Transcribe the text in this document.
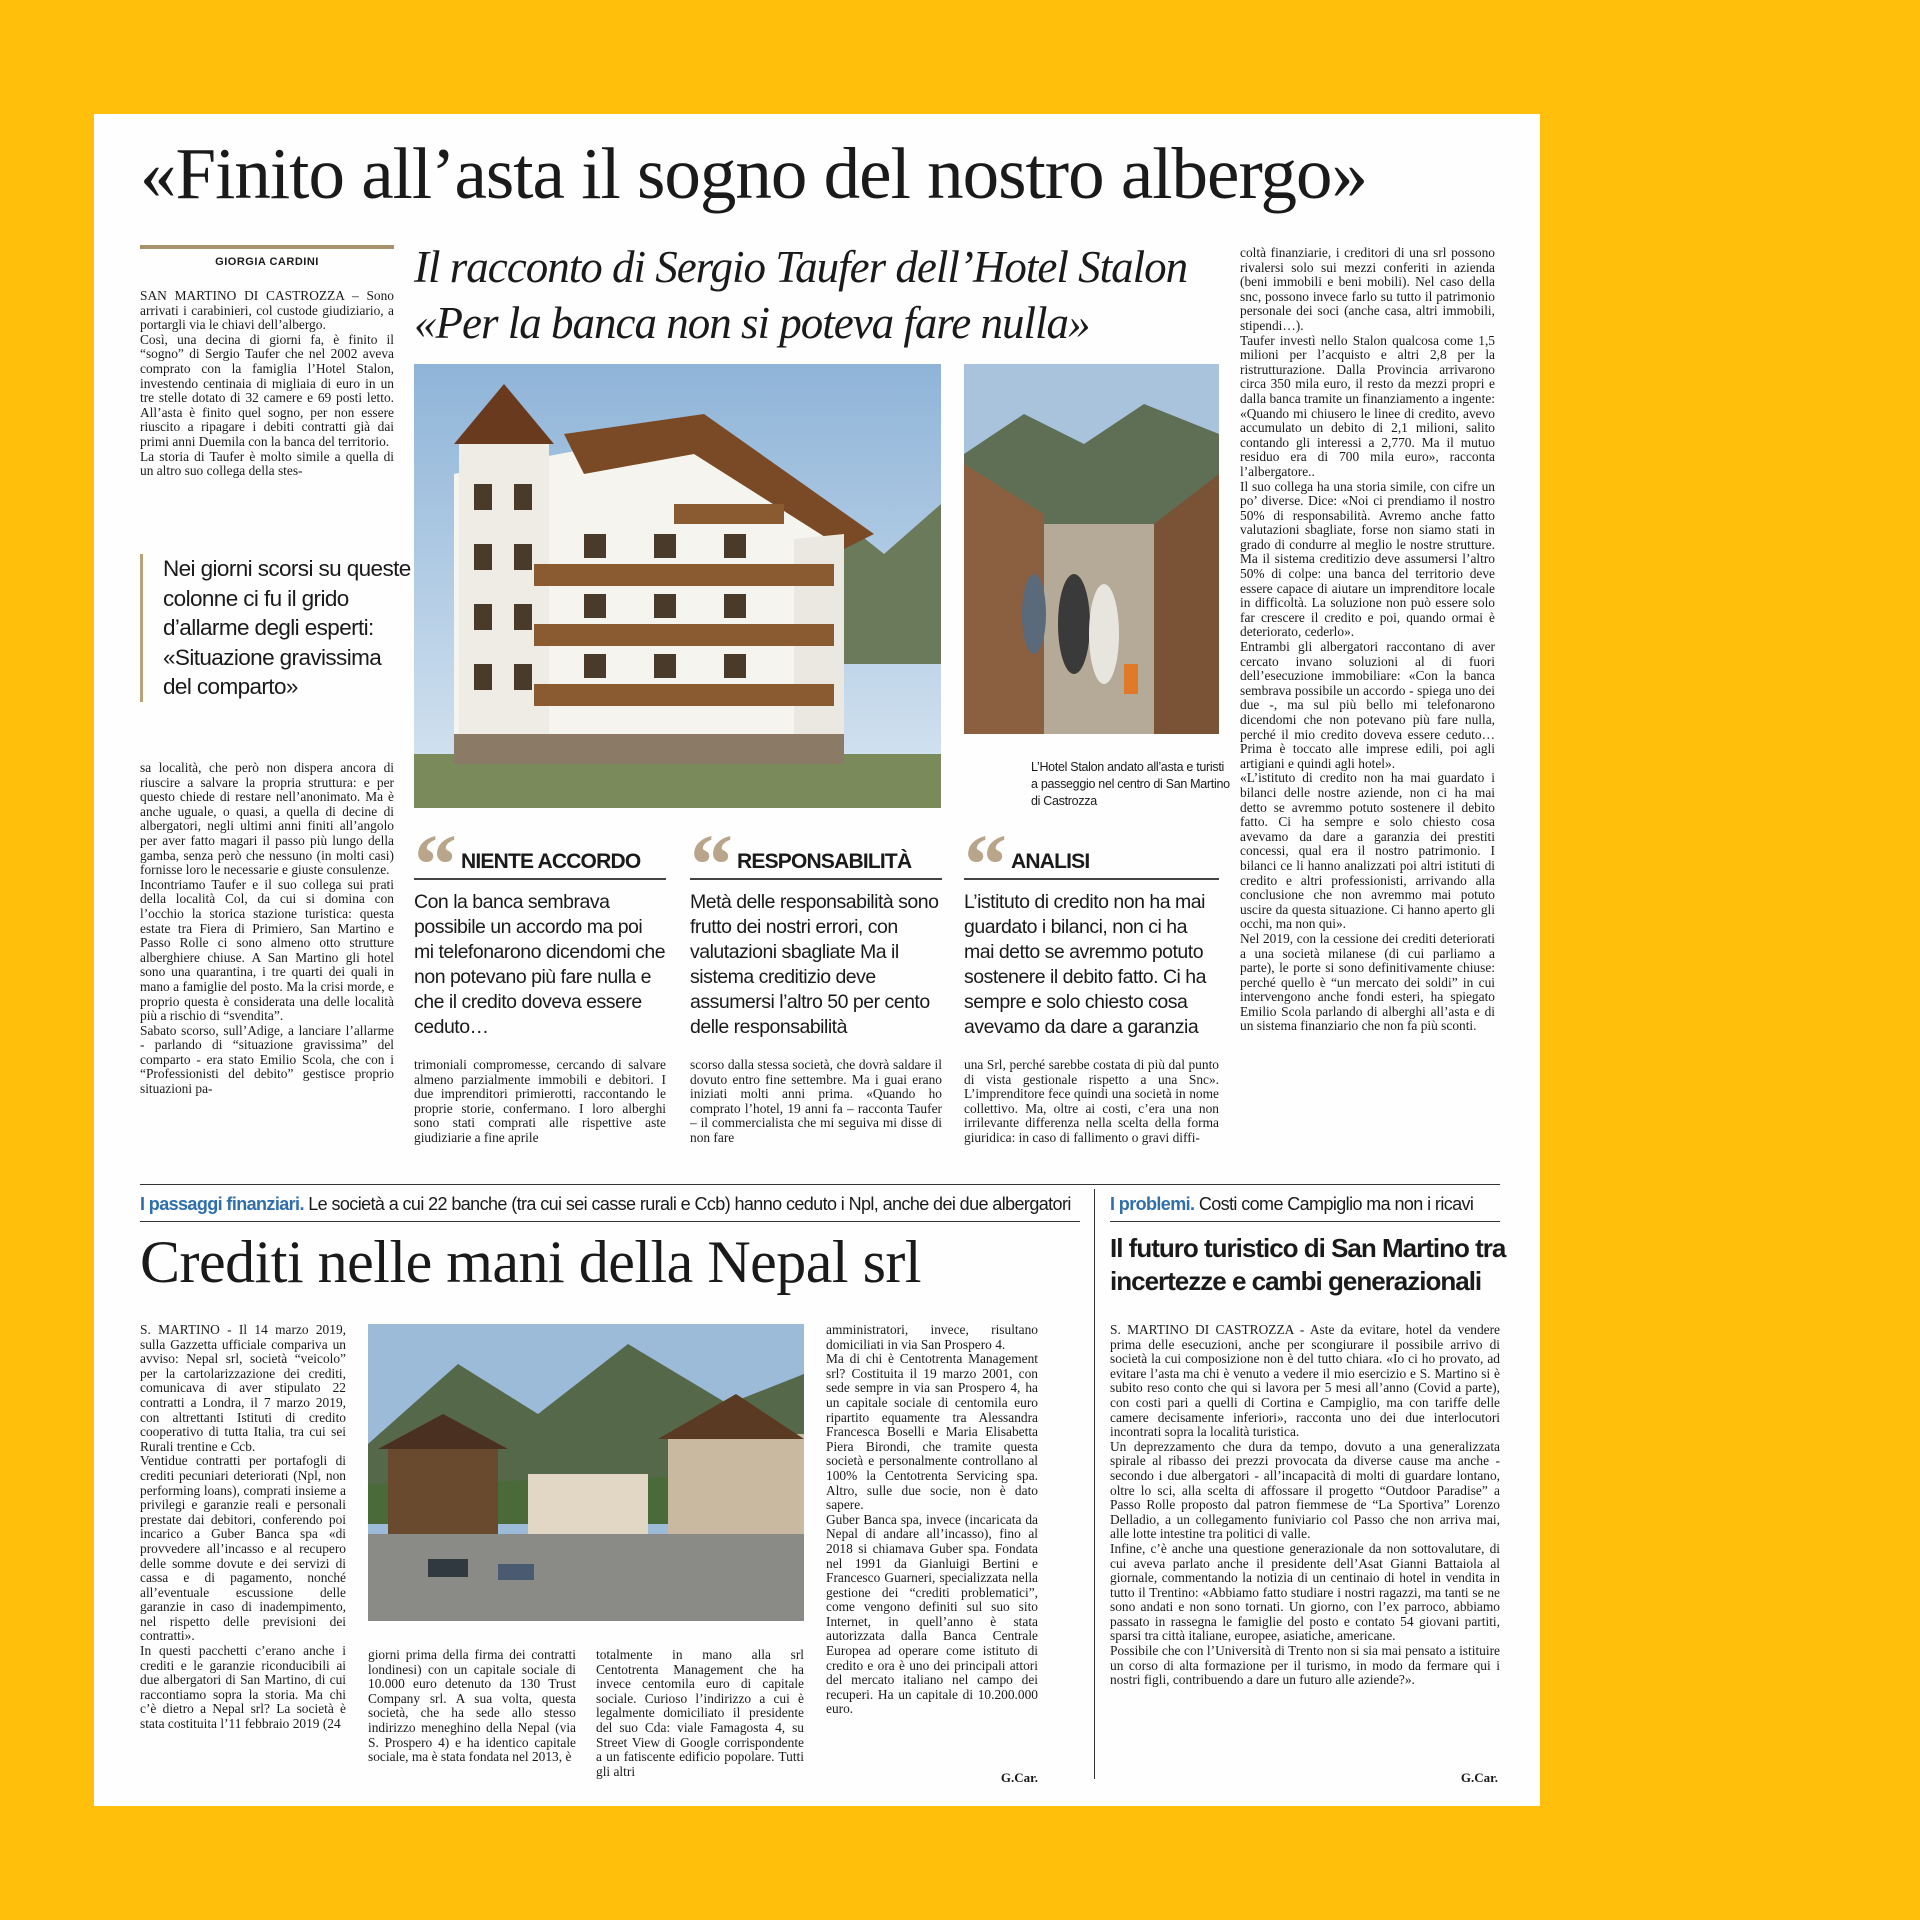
«Finito all’asta il sogno del nostro albergo»
GIORGIA CARDINI	Il racconto di Sergio Taufer dell’Hotel Stalon
«Per la banca non si poteva fare nulla»

SAN MARTINO DI CASTROZZA – Sono arrivati i carabinieri, col custode giudiziario, a portargli via le chiavi dell’albergo.

Così, una decina di giorni fa, è finito il “sogno” di Sergio Taufer che nel 2002 aveva comprato con la famiglia l’Hotel Stalon, investendo centinaia di migliaia di euro in un tre stelle dotato di 32 camere e 69 posti letto. All’asta è finito quel sogno, per non essere riuscito a ripagare i debiti contratti già dai primi anni Duemila con la banca del territorio.

La storia di Taufer è molto simile a quella di un altro suo collega della stes-

Nei giorni scorsi su queste colonne ci fu il grido d’allarme degli esperti: «Situazione gravissima del comparto»

sa località, che però non dispera ancora di riuscire a salvare la propria struttura: e per questo chiede di restare nell’anonimato. Ma è anche uguale, o quasi, a quella di decine di albergatori, negli ultimi anni finiti all’angolo per aver fatto magari il passo più lungo della gamba, senza però che nessuno (in molti casi) fornisse loro le necessarie e giuste consulenze.

Incontriamo Taufer e il suo collega sui prati della località Col, da cui si domina con l’occhio la storica stazione turistica: questa estate tra Fiera di Primiero, San Martino e Passo Rolle ci sono almeno otto strutture alberghiere chiuse. A San Martino gli hotel sono una quarantina, i tre quarti dei quali in mano a famiglie del posto. Ma la crisi morde, e proprio questa è considerata una delle località più a rischio di “svendita”.

Sabato scorso, sull’Adige, a lanciare l’allarme - parlando di “situazione gravissima” del comparto - era stato Emilio Scola, che con i “Professionisti del debito” gestisce proprio situazioni pa-

L’Hotel Stalon andato all’asta e turisti a passeggio nel centro di San Martino di Castrozza
“ NIENTE ACCORDO
Con la banca sembrava possibile un accordo ma poi mi telefonarono dicendomi che non potevano più fare nulla e che il credito doveva essere ceduto…
“ RESPONSABILITÀ
Metà delle responsabilità sono frutto dei nostri errori, con valutazioni sbagliate Ma il sistema creditizio deve assumersi l’altro 50 per cento delle responsabilità
“ ANALISI
L’istituto di credito non ha mai guardato i bilanci, non ci ha mai detto se avremmo potuto sostenere il debito fatto. Ci ha sempre e solo chiesto cosa avevamo da dare a garanzia

trimoniali compromesse, cercando di salvare almeno parzialmente immobili e debitori. I due imprenditori primierotti, raccontando le proprie storie, confermano. I loro alberghi sono stati comprati alle rispettive aste giudiziarie a fine aprile

scorso dalla stessa società, che dovrà saldare il dovuto entro fine settembre. Ma i guai erano iniziati molti anni prima. «Quando ho comprato l’hotel, 19 anni fa – racconta Taufer – il commercialista che mi seguiva mi disse di non fare

una Srl, perché sarebbe costata di più dal punto di vista gestionale rispetto a una Snc». L’imprenditore fece quindi una società in nome collettivo. Ma, oltre ai costi, c’era una non irrilevante differenza nella scelta della forma giuridica: in caso di fallimento o gravi diffi-

coltà finanziarie, i creditori di una srl possono rivalersi solo sui mezzi conferiti in azienda (beni immobili e beni mobili). Nel caso della snc, possono invece farlo su tutto il patrimonio personale dei soci (anche casa, altri immobili, stipendi…).

Taufer investì nello Stalon qualcosa come 1,5 milioni per l’acquisto e altri 2,8 per la ristrutturazione. Dalla Provincia arrivarono circa 350 mila euro, il resto da mezzi propri e dalla banca tramite un finanziamento a ingente: «Quando mi chiusero le linee di credito, avevo accumulato un debito di 2,1 milioni, salito contando gli interessi a 2,770. Ma il mutuo residuo era di 700 mila euro», racconta l’albergatore..

Il suo collega ha una storia simile, con cifre un po’ diverse. Dice: «Noi ci prendiamo il nostro 50% di responsabilità. Avremo anche fatto valutazioni sbagliate, forse non siamo stati in grado di condurre al meglio le nostre strutture. Ma il sistema creditizio deve assumersi l’altro 50% di colpe: una banca del territorio deve essere capace di aiutare un imprenditore locale in difficoltà. La soluzione non può essere solo far crescere il credito e poi, quando ormai è deteriorato, cederlo».

Entrambi gli albergatori raccontano di aver cercato invano soluzioni al di fuori dell’esecuzione immobiliare: «Con la banca sembrava possibile un accordo - spiega uno dei due -, ma sul più bello mi telefonarono dicendomi che non potevano più fare nulla, perché il mio credito doveva essere ceduto… Prima è toccato alle imprese edili, poi agli artigiani e quindi agli hotel».

«L’istituto di credito non ha mai guardato i bilanci delle nostre aziende, non ci ha mai detto se avremmo potuto sostenere il debito fatto. Ci ha sempre e solo chiesto cosa avevamo da dare a garanzia dei prestiti concessi, qual era il nostro patrimonio. I bilanci ce li hanno analizzati poi altri istituti di credito e altri professionisti, arrivando alla conclusione che non avremmo mai potuto uscire da questa situazione. Ci hanno aperto gli occhi, ma non qui».

Nel 2019, con la cessione dei crediti deteriorati a una società milanese (di cui parliamo a parte), le porte si sono definitivamente chiuse: perché quello è “un mercato dei soldi” in cui intervengono anche fondi esteri, ha spiegato Emilio Scola parlando di alberghi all’asta e di un sistema finanziario che non fa più sconti.

I passaggi finanziari. Le società a cui 22 banche (tra cui sei casse rurali e Ccb) hanno ceduto i Npl, anche dei due albergatori
Crediti nelle mani della Nepal srl

S. MARTINO - Il 14 marzo 2019, sulla Gazzetta ufficiale compariva un avviso: Nepal srl, società “veicolo” per la cartolarizzazione dei crediti, comunicava di aver stipulato 22 contratti a Londra, il 7 marzo 2019, con altrettanti Istituti di credito cooperativo di tutta Italia, tra cui sei Rurali trentine e Ccb.

Ventidue contratti per portafogli di crediti pecuniari deteriorati (Npl, non performing loans), comprati insieme a privilegi e garanzie reali e personali prestate dai debitori, conferendo poi incarico a Guber Banca spa «di provvedere all’incasso e al recupero delle somme dovute e dei servizi di cassa e di pagamento, nonché all’eventuale escussione delle garanzie in caso di inadempimento, nel rispetto delle previsioni dei contratti».

In questi pacchetti c’erano anche i crediti e le garanzie riconducibili ai due albergatori di San Martino, di cui raccontiamo sopra la storia. Ma chi c’è dietro a Nepal srl? La società è stata costituita l’11 febbraio 2019 (24

giorni prima della firma dei contratti londinesi) con un capitale sociale di 10.000 euro detenuto da 130 Trust Company srl. A sua volta, questa società, che ha sede allo stesso indirizzo meneghino della Nepal (via S. Prospero 4) e ha identico capitale sociale, ma è stata fondata nel 2013, è

totalmente in mano alla srl Centotrenta Management che ha invece centomila euro di capitale sociale. Curioso l’indirizzo a cui è legalmente domiciliato il presidente del suo Cda: viale Famagosta 4, su Street View di Google corrispondente a un fatiscente edificio popolare. Tutti gli altri

amministratori, invece, risultano domiciliati in via San Prospero 4.

Ma di chi è Centotrenta Management srl? Costituita il 19 marzo 2001, con sede sempre in via san Prospero 4, ha un capitale sociale di centomila euro ripartito equamente tra Alessandra Francesca Boselli e Maria Elisabetta Piera Birondi, che tramite questa società e personalmente controllano al 100% la Centotrenta Servicing spa. Altro, sulle due socie, non è dato sapere.

Guber Banca spa, invece (incaricata da Nepal di andare all’incasso), fino al 2018 si chiamava Guber spa. Fondata nel 1991 da Gianluigi Bertini e Francesco Guarneri, specializzata nella gestione dei “crediti problematici”, come vengono definiti sul suo sito Internet, in quell’anno è stata autorizzata dalla Banca Centrale Europea ad operare come istituto di credito e ora è uno dei principali attori del mercato italiano nel campo dei recuperi. Ha un capitale di 10.200.000 euro.

G.Car.
I problemi. Costi come Campiglio ma non i ricavi
Il futuro turistico di San Martino tra incertezze e cambi generazionali

S. MARTINO DI CASTROZZA - Aste da evitare, hotel da vendere prima delle esecuzioni, anche per scongiurare il possibile arrivo di società la cui composizione non è del tutto chiara. «Io ci ho provato, ad evitare l’asta ma chi è venuto a vedere il mio esercizio e S. Martino si è subito reso conto che qui si lavora per 5 mesi all’anno (Covid a parte), con costi pari a quelli di Cortina e Campiglio, ma con tariffe delle camere decisamente inferiori», racconta uno dei due interlocutori incontrati sopra la località turistica.

Un deprezzamento che dura da tempo, dovuto a una generalizzata spirale al ribasso dei prezzi provocata da diverse cause ma anche - secondo i due albergatori - all’incapacità di molti di guardare lontano, oltre lo sci, alla scelta di affossare il progetto “Outdoor Paradise” a Passo Rolle proposto dal patron fiemmese de “La Sportiva” Lorenzo Delladio, a un collegamento funiviario col Passo che non arriva mai, alle lotte intestine tra politici di valle.

Infine, c’è anche una questione generazionale da non sottovalutare, di cui aveva parlato anche il presidente dell’Asat Gianni Battaiola al giornale, commentando la notizia di un centinaio di hotel in vendita in tutto il Trentino: «Abbiamo fatto studiare i nostri ragazzi, ma tanti se ne sono andati e non sono tornati. Un giorno, con l’ex parroco, abbiamo passato in rassegna le famiglie del posto e contato 54 giovani partiti, sparsi tra città italiane, europee, asiatiche, americane.

Possibile che con l’Università di Trento non si sia mai pensato a istituire un corso di alta formazione per il turismo, in modo da fermare qui i nostri figli, contribuendo a dare un futuro alle aziende?».

G.Car.
